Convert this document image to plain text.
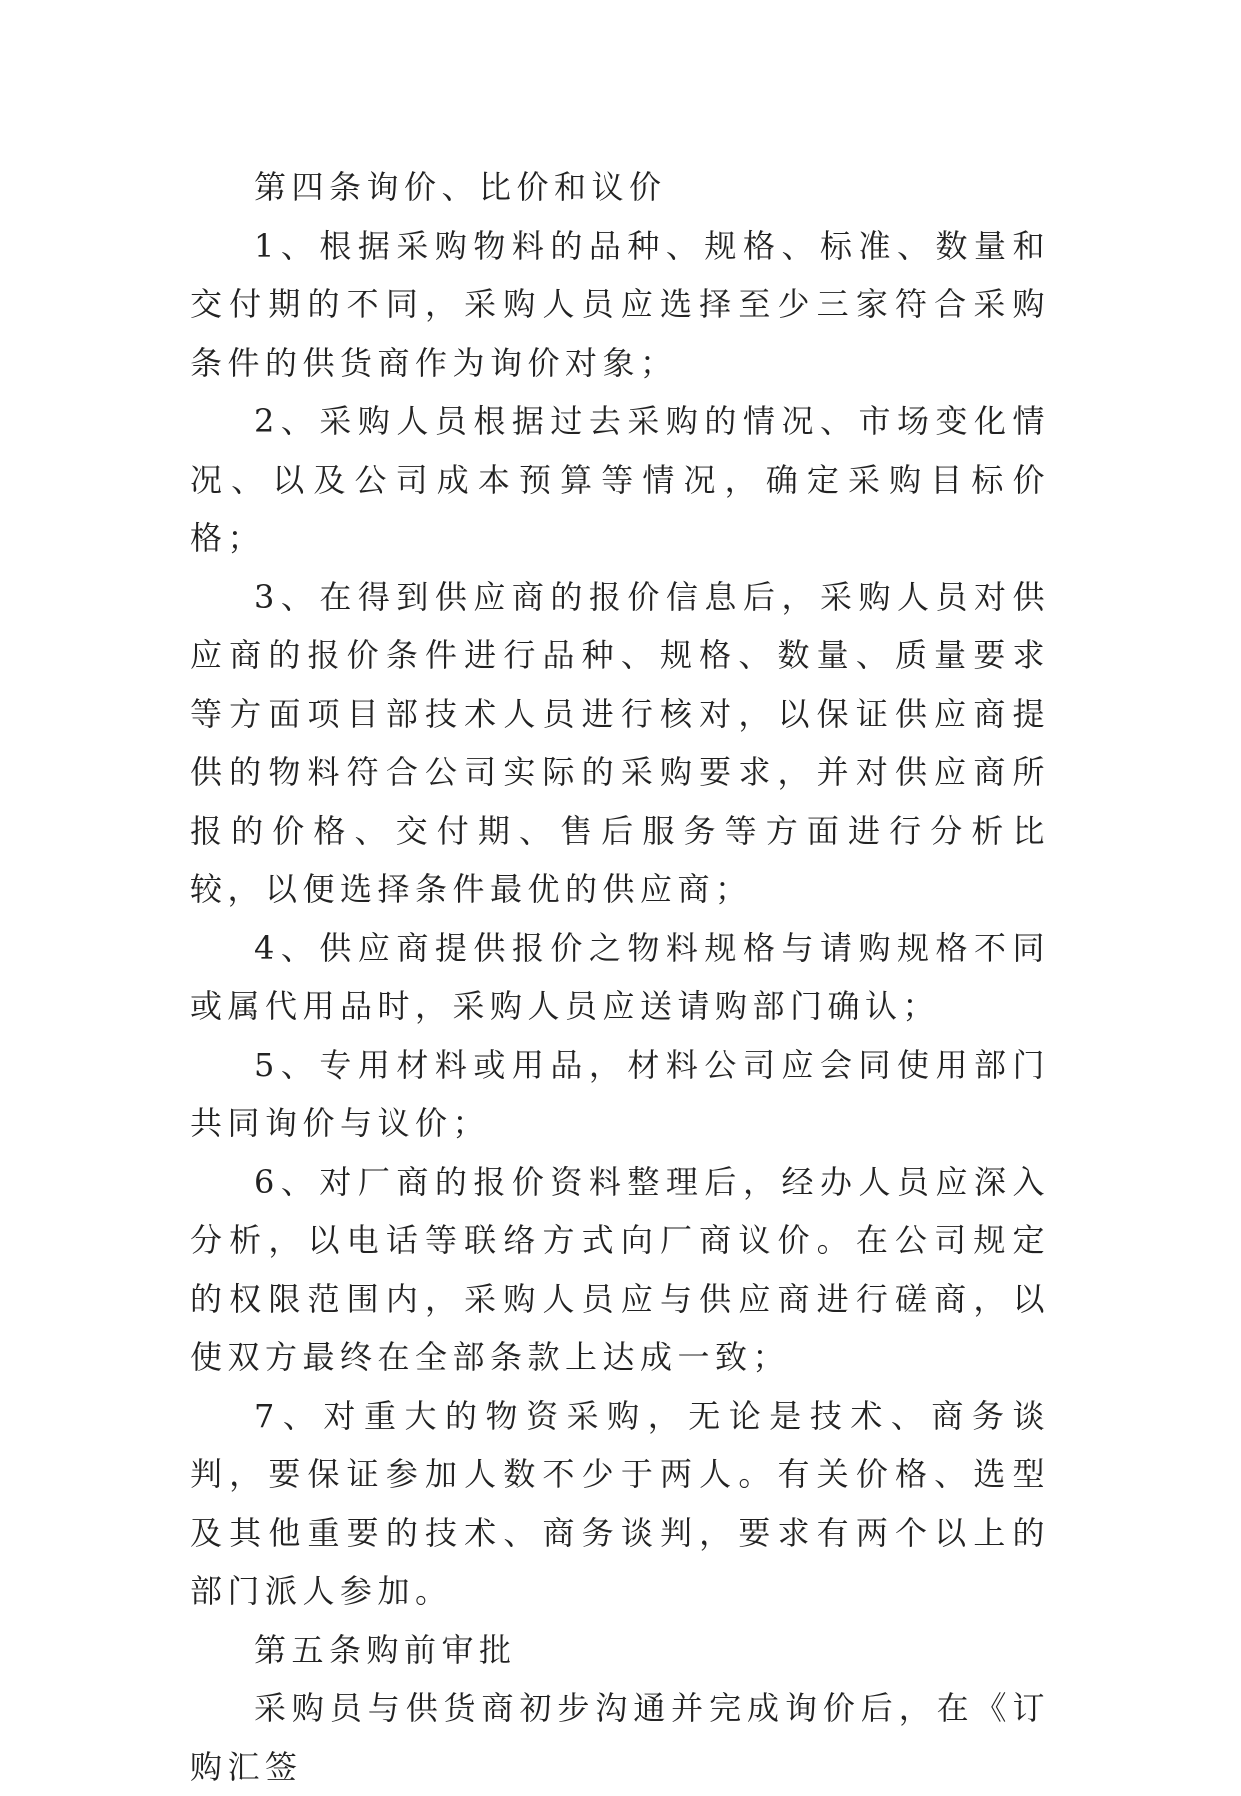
第四条询价、比价和议价

1、根据采购物料的品种、规格、标准、数量和交付期的不同，采购人员应选择至少三家符合采购条件的供货商作为询价对象；

2、采购人员根据过去采购的情况、市场变化情况、以及公司成本预算等情况，确定采购目标价格；

3、在得到供应商的报价信息后，采购人员对供应商的报价条件进行品种、规格、数量、质量要求等方面项目部技术人员进行核对，以保证供应商提供的物料符合公司实际的采购要求，并对供应商所报的价格、交付期、售后服务等方面进行分析比较，以便选择条件最优的供应商；

4、供应商提供报价之物料规格与请购规格不同或属代用品时，采购人员应送请购部门确认；

5、专用材料或用品，材料公司应会同使用部门共同询价与议价；

6、对厂商的报价资料整理后，经办人员应深入分析，以电话等联络方式向厂商议价。在公司规定的权限范围内，采购人员应与供应商进行磋商，以使双方最终在全部条款上达成一致；

7、对重大的物资采购，无论是技术、商务谈判，要保证参加人数不少于两人。有关价格、选型及其他重要的技术、商务谈判，要求有两个以上的部门派人参加。

第五条购前审批

采购员与供货商初步沟通并完成询价后，在《订购汇签
